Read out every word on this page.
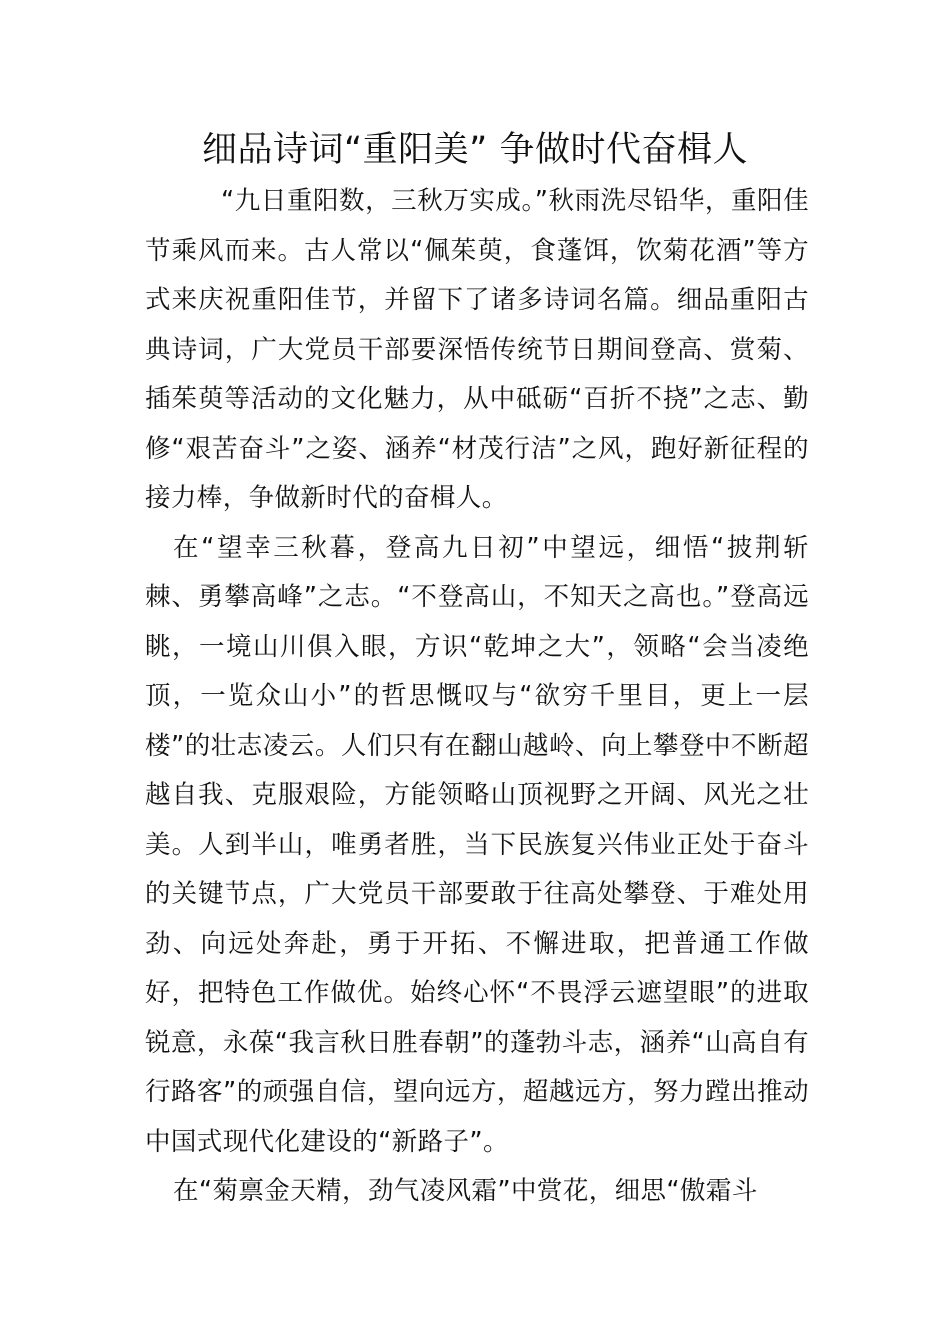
细品诗词“重阳美” 争做时代奋楫人

“九日重阳数，三秋万实成。”秋雨洗尽铅华，重阳佳节乘风而来。古人常以“佩茱萸，食蓬饵，饮菊花酒”等方式来庆祝重阳佳节，并留下了诸多诗词名篇。细品重阳古典诗词，广大党员干部要深悟传统节日期间登高、赏菊、插茱萸等活动的文化魅力，从中砥砺“百折不挠”之志、勤修“艰苦奋斗”之姿、涵养“材茂行洁”之风，跑好新征程的接力棒，争做新时代的奋楫人。

在“望幸三秋暮，登高九日初”中望远，细悟“披荆斩棘、勇攀高峰”之志。“不登高山，不知天之高也。”登高远眺，一境山川俱入眼，方识“乾坤之大”，领略“会当凌绝顶，一览众山小”的哲思慨叹与“欲穷千里目，更上一层楼”的壮志凌云。人们只有在翻山越岭、向上攀登中不断超越自我、克服艰险，方能领略山顶视野之开阔、风光之壮美。人到半山，唯勇者胜，当下民族复兴伟业正处于奋斗的关键节点，广大党员干部要敢于往高处攀登、于难处用劲、向远处奔赴，勇于开拓、不懈进取，把普通工作做好，把特色工作做优。始终心怀“不畏浮云遮望眼”的进取锐意，永葆“我言秋日胜春朝”的蓬勃斗志，涵养“山高自有行路客”的顽强自信，望向远方，超越远方，努力蹚出推动中国式现代化建设的“新路子”。

在“菊禀金天精，劲气凌风霜”中赏花，细思“傲霜斗
